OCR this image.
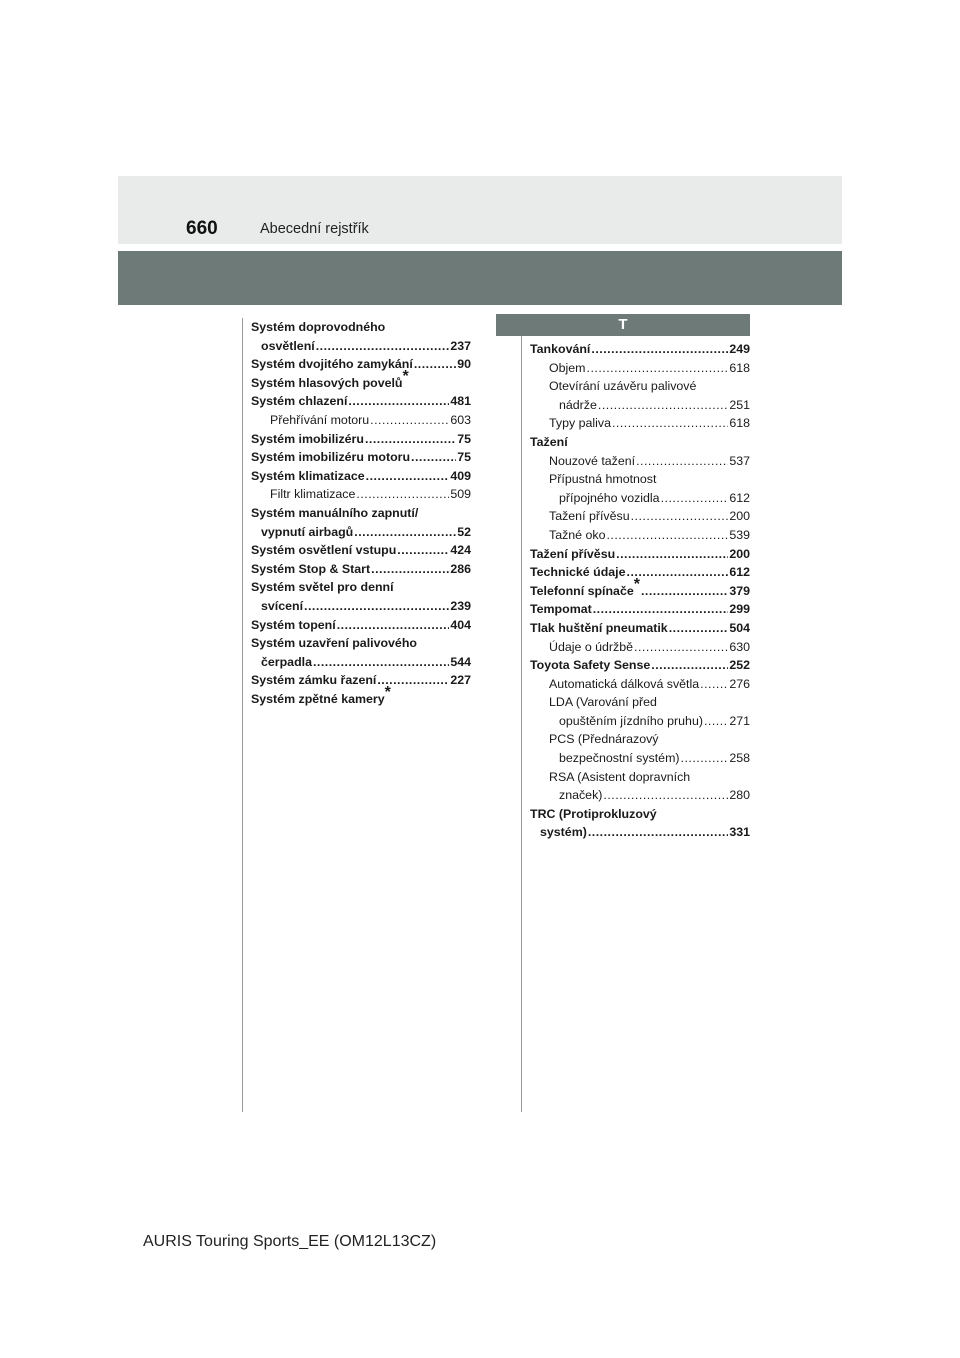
660	Abecední rejstřík
Systém doprovodného
osvětlení .....	237
Systém dvojitého zamykání .....	90
Systém hlasových povelů *
Systém chlazení .....	481
Přehřívání motoru .....	603
Systém imobilizéru .....	75
Systém imobilizéru motoru .....	75
Systém klimatizace .....	409
Filtr klimatizace .....	509
Systém manuálního zapnutí/
vypnutí airbagů .....	52
Systém osvětlení vstupu .....	424
Systém Stop & Start .....	286
Systém světel pro denní
svícení .....	239
Systém topení .....	404
Systém uzavření palivového
čerpadla .....	544
Systém zámku řazení .....	227
Systém zpětné kamery *
T
Tankování .....	249
Objem .....	618
Otevírání uzávěru palivové
nádrže .....	251
Typy paliva .....	618
Tažení
Nouzové tažení .....	537
Přípustná hmotnost
přípojného vozidla .....	612
Tažení přívěsu .....	200
Tažné oko .....	539
Tažení přívěsu .....	200
Technické údaje .....	612
Telefonní spínače * .....	379
Tempomat .....	299
Tlak huštění pneumatik .....	504
Údaje o údržbě .....	630
Toyota Safety Sense .....	252
Automatická dálková světla ..... 276
LDA (Varování před
opuštěním jízdního pruhu) ..... 271
PCS (Přednárazový
bezpečnostní systém) .....	258
RSA (Asistent dopravních
značek) .....	280
TRC (Protiprokluzový
systém) .....	331
AURIS Touring Sports_EE (OM12L13CZ)
